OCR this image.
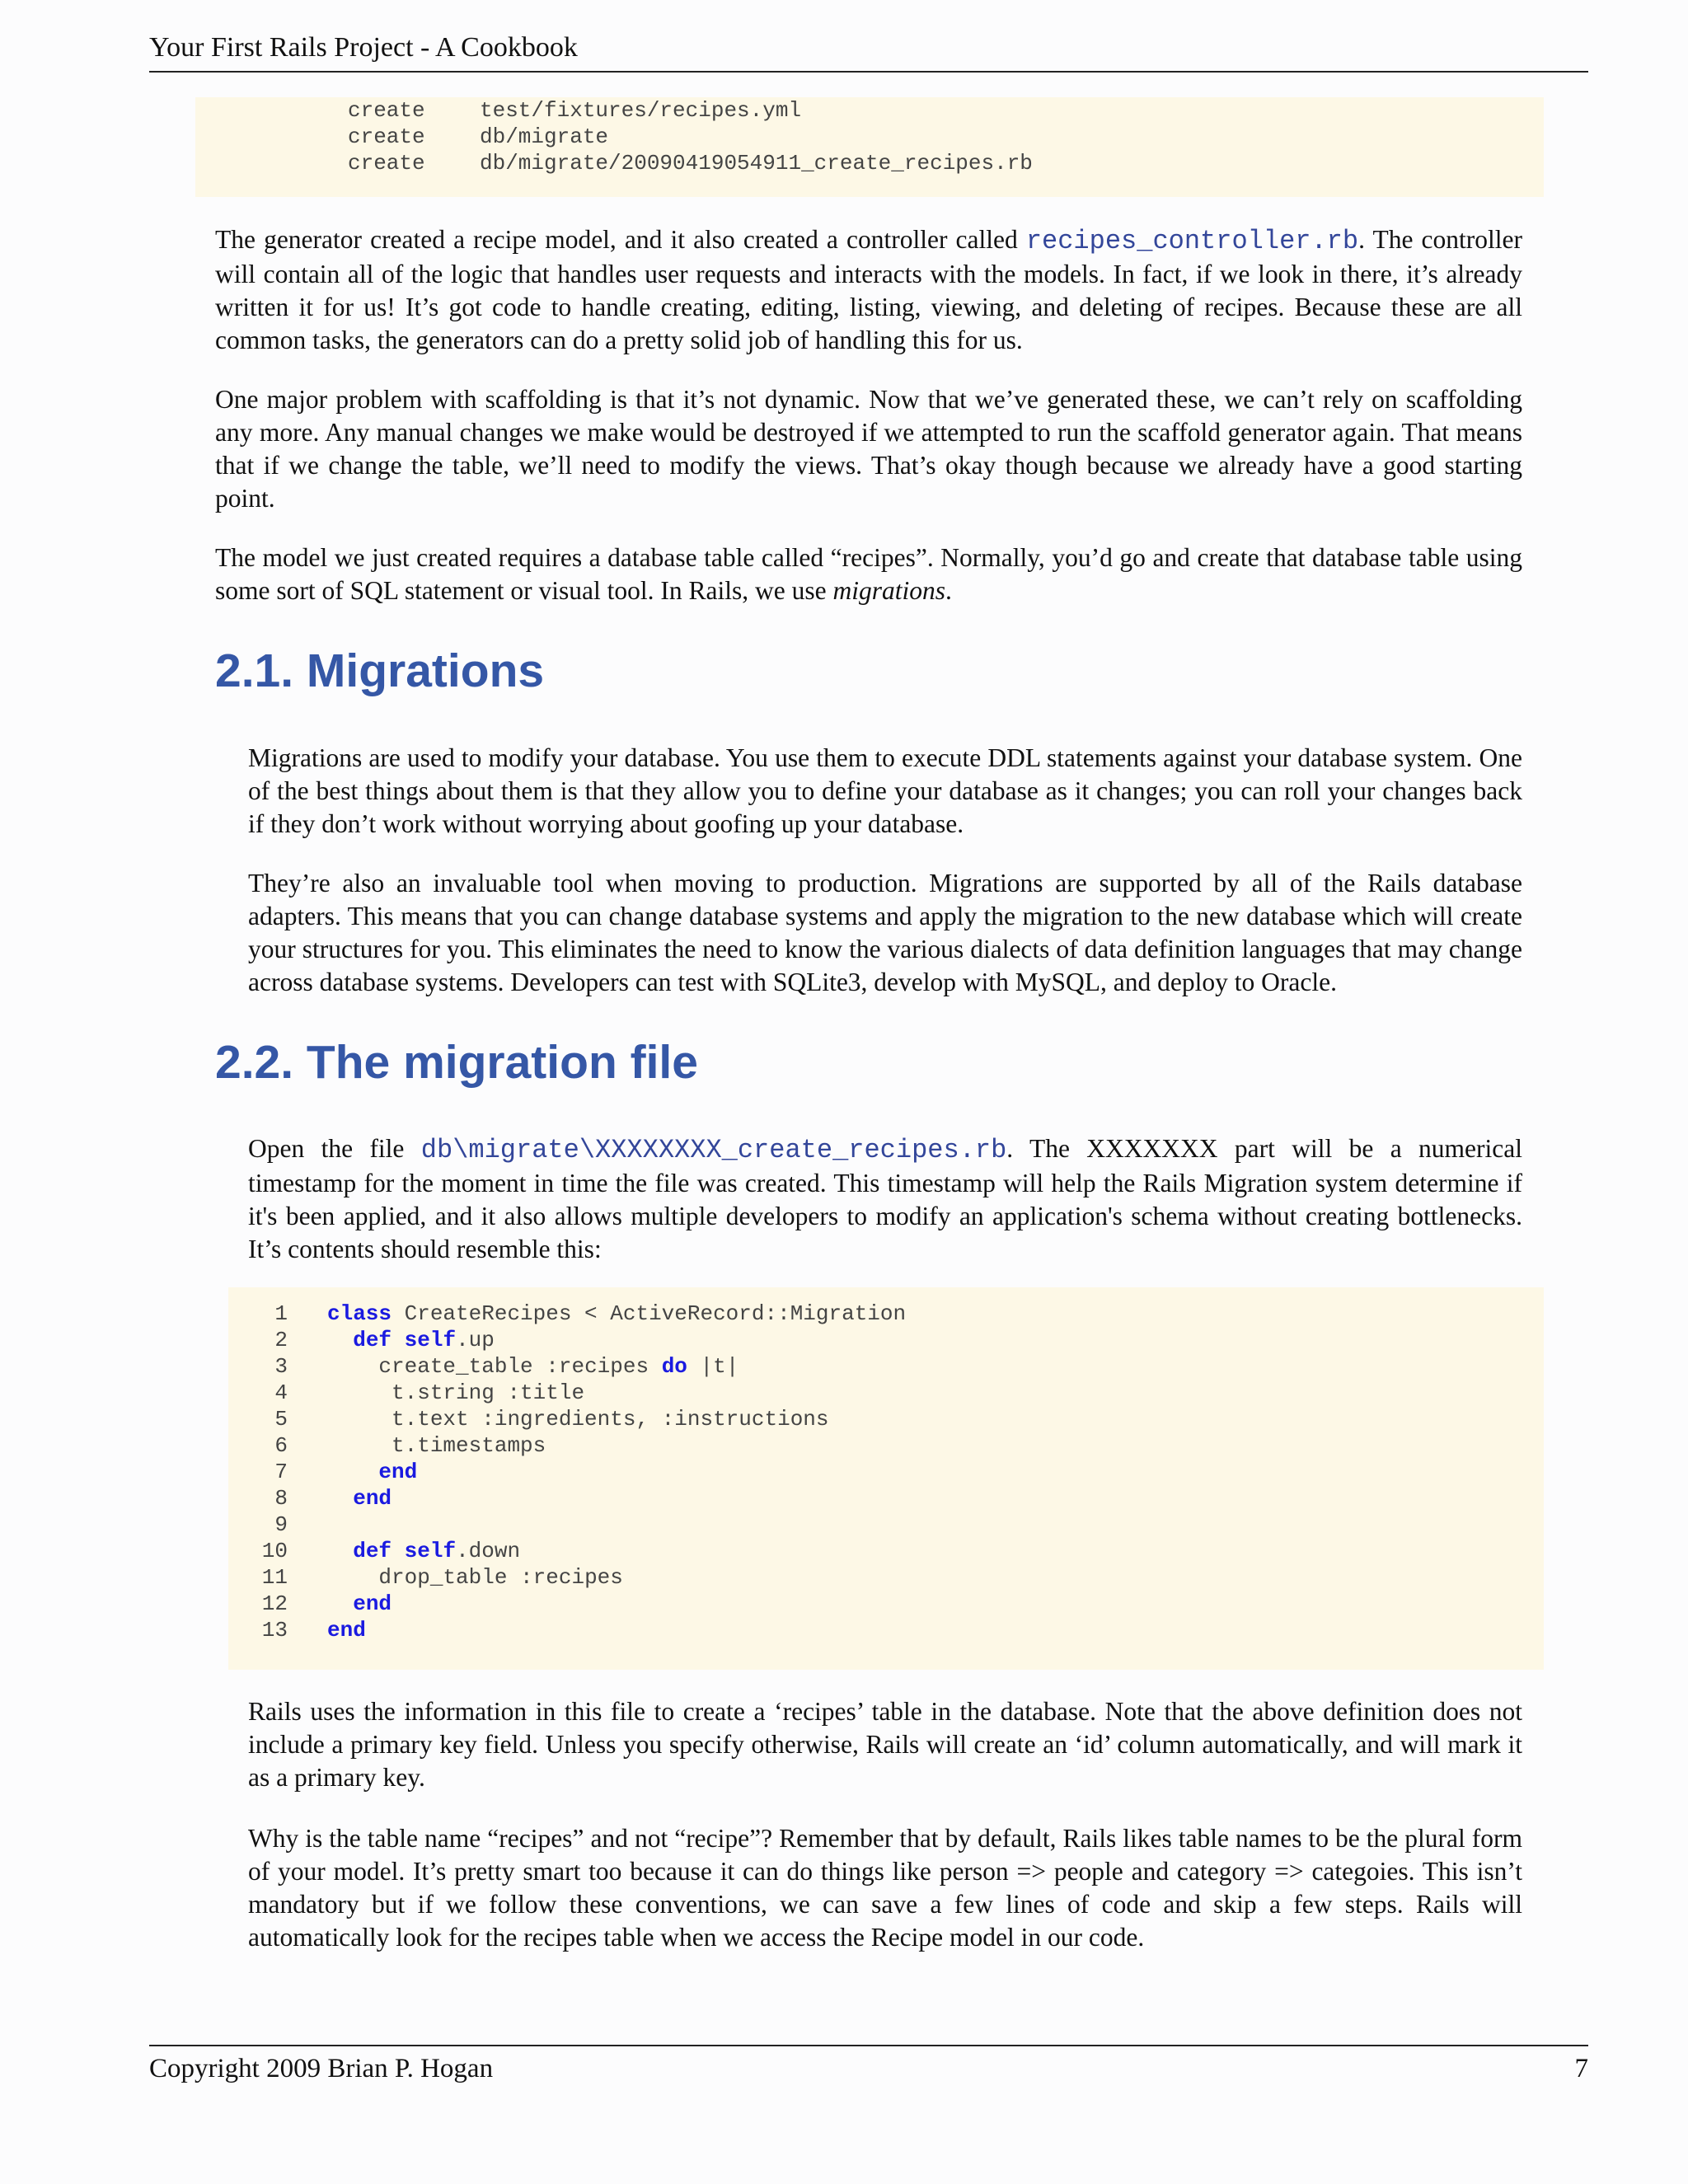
Your First Rails Project - A Cookbook
create	test/fixtures/recipes.yml
create	db/migrate
create	db/migrate/20090419054911_create_recipes.rb
The generator created a recipe model, and it also created a controller called recipes_controller.rb. The controller will contain all of the logic that handles user requests and interacts with the models. In fact, if we look in there, it’s already written it for us! It’s got code to handle creating, editing, listing, viewing, and deleting of recipes. Because these are all common tasks, the generators can do a pretty solid job of handling this for us.
One major problem with scaffolding is that it’s not dynamic. Now that we’ve generated these, we can’t rely on scaffolding any more. Any manual changes we make would be destroyed if we attempted to run the scaffold generator again. That means that if we change the table, we’ll need to modify the views. That’s okay though because we already have a good starting point.
The model we just created requires a database table called “recipes”. Normally, you’d go and create that database table using some sort of SQL statement or visual tool. In Rails, we use migrations.
2.1. Migrations
Migrations are used to modify your database. You use them to execute DDL statements against your database system. One of the best things about them is that they allow you to define your database as it changes; you can roll your changes back if they don’t work without worrying about goofing up your database.
They’re also an invaluable tool when moving to production. Migrations are supported by all of the Rails database adapters. This means that you can change database systems and apply the migration to the new database which will create your structures for you. This eliminates the need to know the various dialects of data definition languages that may change across database systems. Developers can test with SQLite3, develop with MySQL, and deploy to Oracle.
2.2. The migration file
Open the file db\migrate\XXXXXXXX_create_recipes.rb. The XXXXXXX part will be a numerical timestamp for the moment in time the file was created. This timestamp will help the Rails Migration system determine if it's been applied, and it also allows multiple developers to modify an application's schema without creating bottlenecks. It’s contents should resemble this:
1 class CreateRecipes < ActiveRecord::Migration
2	def self.up
3	create_table :recipes do |t|
4	t.string :title
5	t.text :ingredients, :instructions
6	t.timestamps
7	end
8	end
9
10	def self.down
11	drop_table :recipes
12	end
13 end
Rails uses the information in this file to create a ‘recipes’ table in the database. Note that the above definition does not include a primary key field. Unless you specify otherwise, Rails will create an ‘id’ column automatically, and will mark it as a primary key.
Why is the table name “recipes” and not “recipe”? Remember that by default, Rails likes table names to be the plural form of your model. It’s pretty smart too because it can do things like person => people and category => categoies. This isn’t mandatory but if we follow these conventions, we can save a few lines of code and skip a few steps. Rails will automatically look for the recipes table when we access the Recipe model in our code.
Copyright 2009 Brian P. Hogan	7
